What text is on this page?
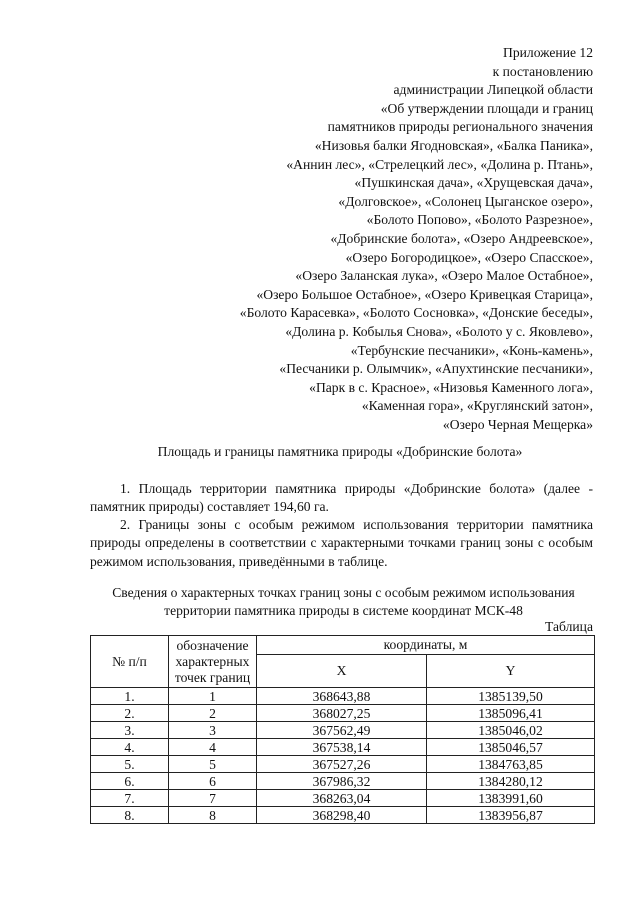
Приложение 12
к постановлению
администрации Липецкой области
«Об утверждении площади и границ
памятников природы регионального значения
«Низовья балки Ягодновская», «Балка Паника»,
«Аннин лес», «Стрелецкий лес», «Долина р. Птань»,
«Пушкинская дача», «Хрущевская дача»,
«Долговское», «Солонец Цыганское озеро»,
«Болото Попово», «Болото Разрезное»,
«Добринские болота», «Озеро Андреевское»,
«Озеро Богородицкое», «Озеро Спасское»,
«Озеро Заланская лука», «Озеро Малое Остабное»,
«Озеро Большое Остабное», «Озеро Кривецкая Старица»,
«Болото Карасевка», «Болото Сосновка», «Донские беседы»,
«Долина р. Кобылья Снова», «Болото у с. Яковлево»,
«Тербунские песчаники», «Конь-камень»,
«Песчаники р. Олымчик», «Апухтинские песчаники»,
«Парк в с. Красное», «Низовья Каменного лога»,
«Каменная гора», «Круглянский затон»,
«Озеро Черная Мещерка»
Площадь и границы памятника природы «Добринские болота»
1. Площадь территории памятника природы «Добринские болота» (далее - памятник природы) составляет 194,60 га.
2. Границы зоны с особым режимом использования территории памятника природы определены в соответствии с характерными точками границ зоны с особым режимом использования, приведёнными в таблице.
Сведения о характерных точках границ зоны с особым режимом использования
территории памятника природы в системе координат МСК-48
Таблица
№ п/п	обозначение характерных точек границ	координаты, м	
		X	Y
1.	1	368643,88	1385139,50
2.	2	368027,25	1385096,41
3.	3	367562,49	1385046,02
4.	4	367538,14	1385046,57
5.	5	367527,26	1384763,85
6.	6	367986,32	1384280,12
7.	7	368263,04	1383991,60
8.	8	368298,40	1383956,87
